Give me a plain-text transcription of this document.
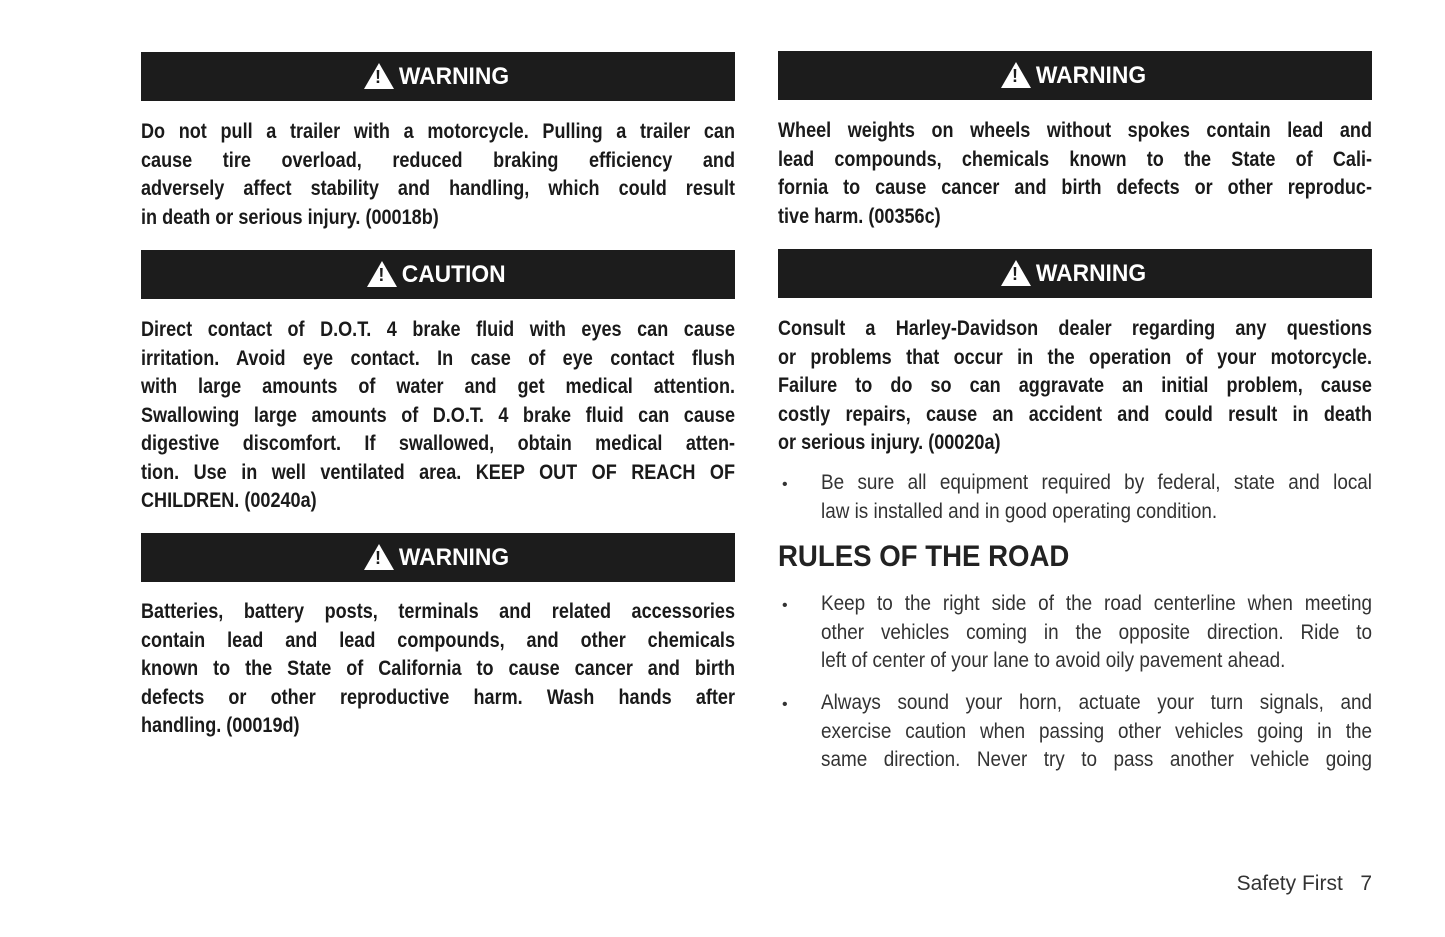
!
WARNING
Do not pull a trailer with a motorcycle. Pulling a trailer can
cause tire overload, reduced braking efficiency and
adversely affect stability and handling, which could result
in death or serious injury. (00018b)
!
CAUTION
Direct contact of D.O.T. 4 brake fluid with eyes can cause
irritation. Avoid eye contact. In case of eye contact flush
with large amounts of water and get medical attention.
Swallowing large amounts of D.O.T. 4 brake fluid can cause
digestive discomfort. If swallowed, obtain medical atten-
tion. Use in well ventilated area. KEEP OUT OF REACH OF
CHILDREN. (00240a)
!
WARNING
Batteries, battery posts, terminals and related accessories
contain lead and lead compounds, and other chemicals
known to the State of California to cause cancer and birth
defects or other reproductive harm. Wash hands after
handling. (00019d)
!
WARNING
Wheel weights on wheels without spokes contain lead and
lead compounds, chemicals known to the State of Cali-
fornia to cause cancer and birth defects or other reproduc-
tive harm. (00356c)
!
WARNING
Consult a Harley-Davidson dealer regarding any questions
or problems that occur in the operation of your motorcycle.
Failure to do so can aggravate an initial problem, cause
costly repairs, cause an accident and could result in death
or serious injury. (00020a)
• Be sure all equipment required by federal, state and local
law is installed and in good operating condition.
RULES OF THE ROAD
• Keep to the right side of the road centerline when meeting
other vehicles coming in the opposite direction. Ride to
left of center of your lane to avoid oily pavement ahead.
• Always sound your horn, actuate your turn signals, and
exercise caution when passing other vehicles going in the
same direction. Never try to pass another vehicle going
Safety First 7
